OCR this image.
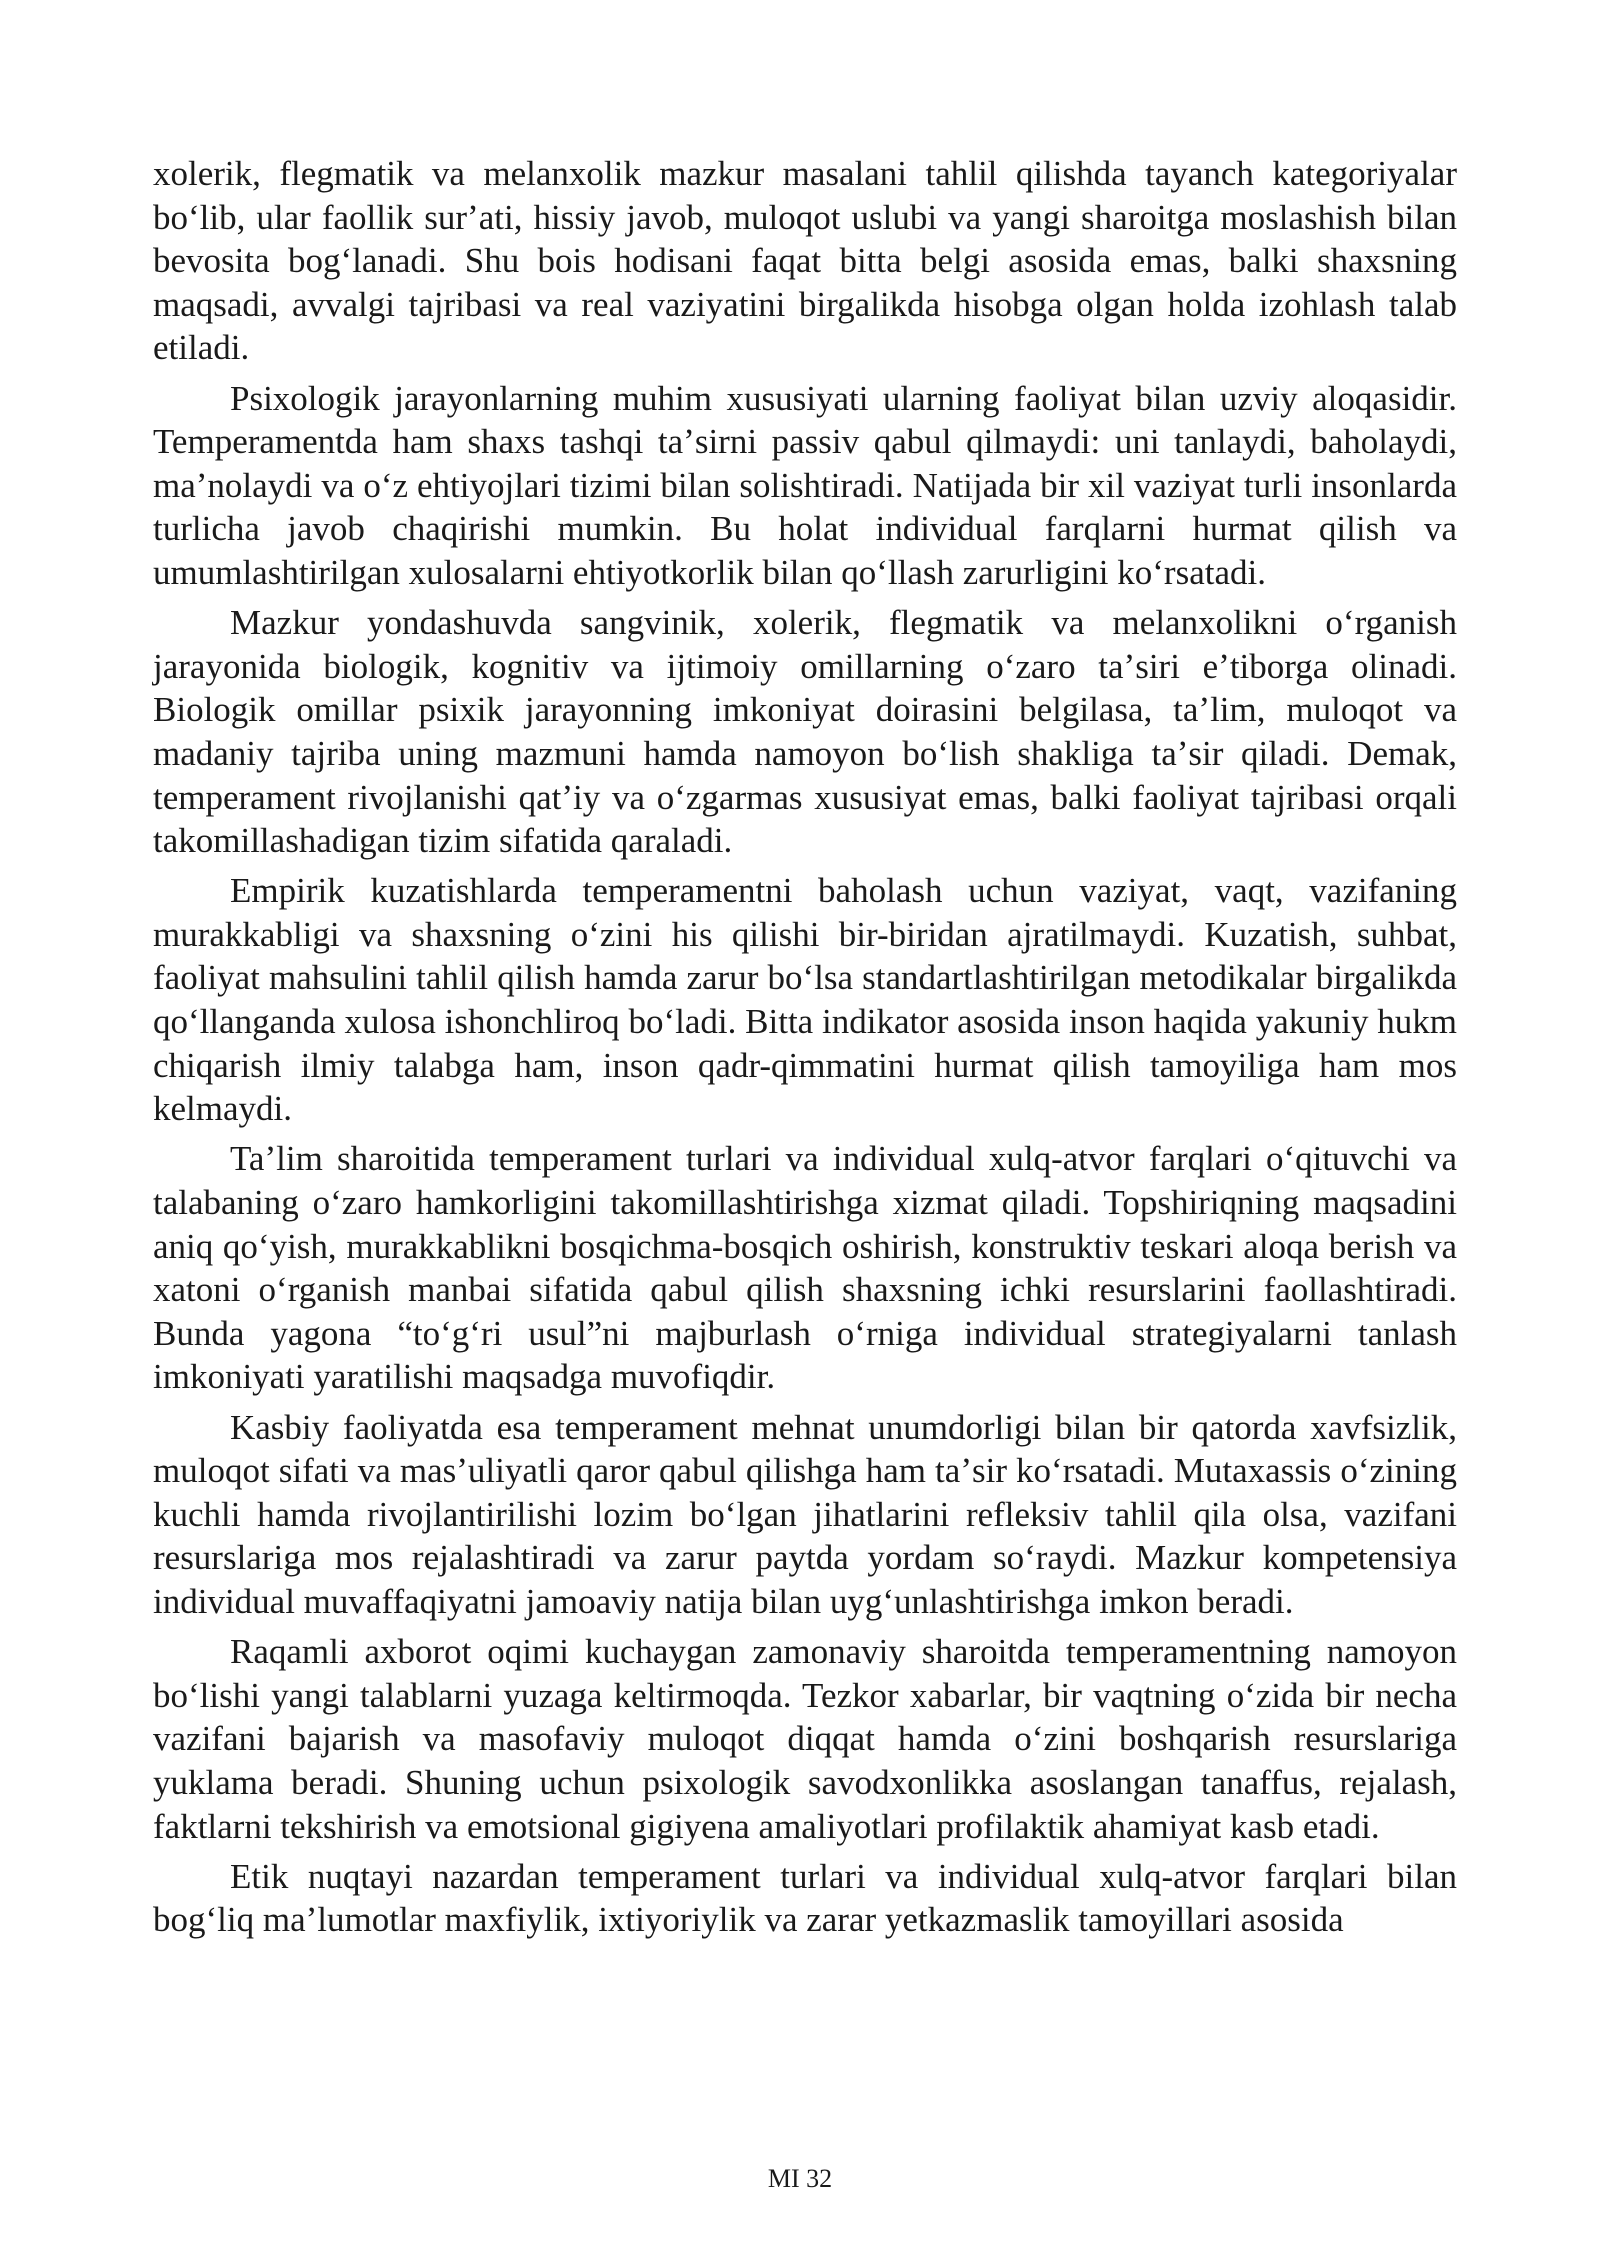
xolerik, flegmatik va melanxolik mazkur masalani tahlil qilishda tayanch kategoriyalar boʻlib, ular faollik surʼati, hissiy javob, muloqot uslubi va yangi sharoitga moslashish bilan bevosita bogʻlanadi. Shu bois hodisani faqat bitta belgi asosida emas, balki shaxsning maqsadi, avvalgi tajribasi va real vaziyatini birgalikda hisobga olgan holda izohlash talab etiladi.

Psixologik jarayonlarning muhim xususiyati ularning faoliyat bilan uzviy aloqasidir. Temperamentda ham shaxs tashqi taʼsirni passiv qabul qilmaydi: uni tanlaydi, baholaydi, maʼnolaydi va oʻz ehtiyojlari tizimi bilan solishtiradi. Natijada bir xil vaziyat turli insonlarda turlicha javob chaqirishi mumkin. Bu holat individual farqlarni hurmat qilish va umumlashtirilgan xulosalarni ehtiyotkorlik bilan qoʻllash zarurligini koʻrsatadi.

Mazkur yondashuvda sangvinik, xolerik, flegmatik va melanxolikni oʻrganish jarayonida biologik, kognitiv va ijtimoiy omillarning oʻzaro taʼsiri eʼtiborga olinadi. Biologik omillar psixik jarayonning imkoniyat doirasini belgilasa, taʼlim, muloqot va madaniy tajriba uning mazmuni hamda namoyon boʻlish shakliga taʼsir qiladi. Demak, temperament rivojlanishi qatʼiy va oʻzgarmas xususiyat emas, balki faoliyat tajribasi orqali takomillashadigan tizim sifatida qaraladi.

Empirik kuzatishlarda temperamentni baholash uchun vaziyat, vaqt, vazifaning murakkabligi va shaxsning oʻzini his qilishi bir-biridan ajratilmaydi. Kuzatish, suhbat, faoliyat mahsulini tahlil qilish hamda zarur boʻlsa standartlashtirilgan metodikalar birgalikda qoʻllanganda xulosa ishonchliroq boʻladi. Bitta indikator asosida inson haqida yakuniy hukm chiqarish ilmiy talabga ham, inson qadr-qimmatini hurmat qilish tamoyiliga ham mos kelmaydi.

Taʼlim sharoitida temperament turlari va individual xulq-atvor farqlari oʻqituvchi va talabaning oʻzaro hamkorligini takomillashtirishga xizmat qiladi. Topshiriqning maqsadini aniq qoʻyish, murakkablikni bosqichma-bosqich oshirish, konstruktiv teskari aloqa berish va xatoni oʻrganish manbai sifatida qabul qilish shaxsning ichki resurslarini faollashtiradi. Bunda yagona “toʻgʻri usul”ni majburlash oʻrniga individual strategiyalarni tanlash imkoniyati yaratilishi maqsadga muvofiqdir.

Kasbiy faoliyatda esa temperament mehnat unumdorligi bilan bir qatorda xavfsizlik, muloqot sifati va masʼuliyatli qaror qabul qilishga ham taʼsir koʻrsatadi. Mutaxassis oʻzining kuchli hamda rivojlantirilishi lozim boʻlgan jihatlarini refleksiv tahlil qila olsa, vazifani resurslariga mos rejalashtiradi va zarur paytda yordam soʻraydi. Mazkur kompetensiya individual muvaffaqiyatni jamoaviy natija bilan uygʻunlashtirishga imkon beradi.

Raqamli axborot oqimi kuchaygan zamonaviy sharoitda temperamentning namoyon boʻlishi yangi talablarni yuzaga keltirmoqda. Tezkor xabarlar, bir vaqtning oʻzida bir necha vazifani bajarish va masofaviy muloqot diqqat hamda oʻzini boshqarish resurslariga yuklama beradi. Shuning uchun psixologik savodxonlikka asoslangan tanaffus, rejalash, faktlarni tekshirish va emotsional gigiyena amaliyotlari profilaktik ahamiyat kasb etadi.

Etik nuqtayi nazardan temperament turlari va individual xulq-atvor farqlari bilan bogʻliq maʼlumotlar maxfiylik, ixtiyoriylik va zarar yetkazmaslik tamoyillari asosida

MI 32
